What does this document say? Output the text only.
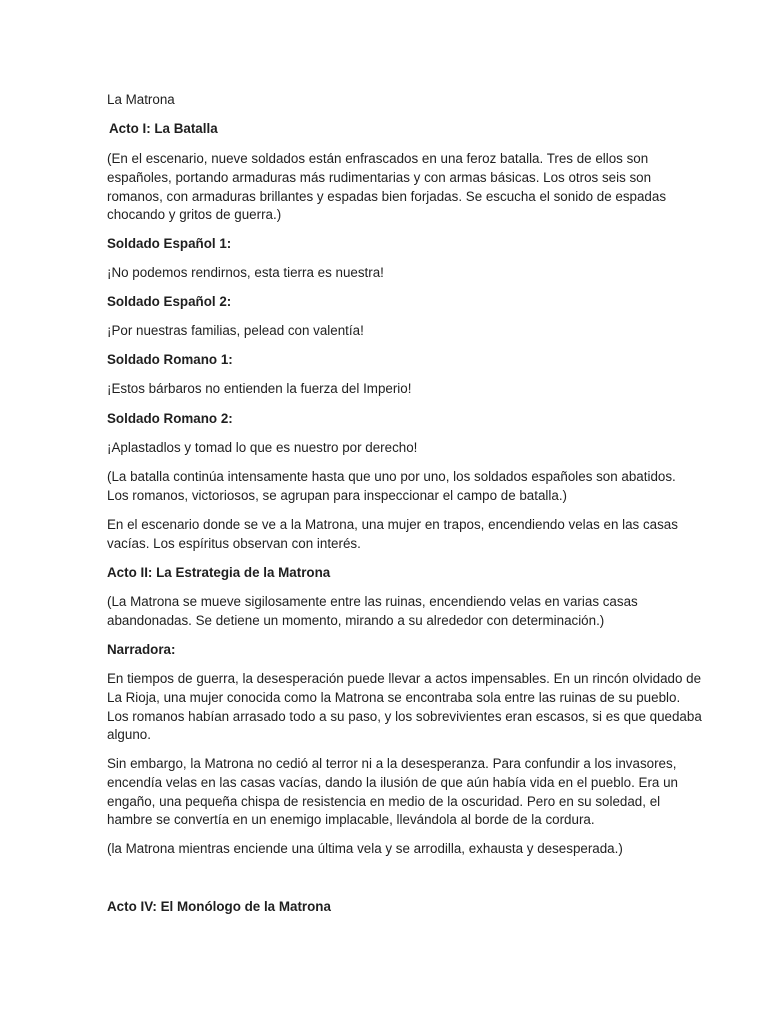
La Matrona

Acto I: La Batalla

(En el escenario, nueve soldados están enfrascados en una feroz batalla. Tres de ellos son

españoles, portando armaduras más rudimentarias y con armas básicas. Los otros seis son

romanos, con armaduras brillantes y espadas bien forjadas. Se escucha el sonido de espadas

chocando y gritos de guerra.)

Soldado Español 1:

¡No podemos rendirnos, esta tierra es nuestra!

Soldado Español 2:

¡Por nuestras familias, pelead con valentía!

Soldado Romano 1:

¡Estos bárbaros no entienden la fuerza del Imperio!

Soldado Romano 2:

¡Aplastadlos y tomad lo que es nuestro por derecho!

(La batalla continúa intensamente hasta que uno por uno, los soldados españoles son abatidos.

Los romanos, victoriosos, se agrupan para inspeccionar el campo de batalla.)

En el escenario donde se ve a la Matrona, una mujer en trapos, encendiendo velas en las casas

vacías. Los espíritus observan con interés.

Acto II: La Estrategia de la Matrona

(La Matrona se mueve sigilosamente entre las ruinas, encendiendo velas en varias casas

abandonadas. Se detiene un momento, mirando a su alrededor con determinación.)

Narradora:

En tiempos de guerra, la desesperación puede llevar a actos impensables. En un rincón olvidado de

La Rioja, una mujer conocida como la Matrona se encontraba sola entre las ruinas de su pueblo.

Los romanos habían arrasado todo a su paso, y los sobrevivientes eran escasos, si es que quedaba

alguno.

Sin embargo, la Matrona no cedió al terror ni a la desesperanza. Para confundir a los invasores,

encendía velas en las casas vacías, dando la ilusión de que aún había vida en el pueblo. Era un

engaño, una pequeña chispa de resistencia en medio de la oscuridad. Pero en su soledad, el

hambre se convertía en un enemigo implacable, llevándola al borde de la cordura.

(la Matrona mientras enciende una última vela y se arrodilla, exhausta y desesperada.)

Acto IV: El Monólogo de la Matrona
